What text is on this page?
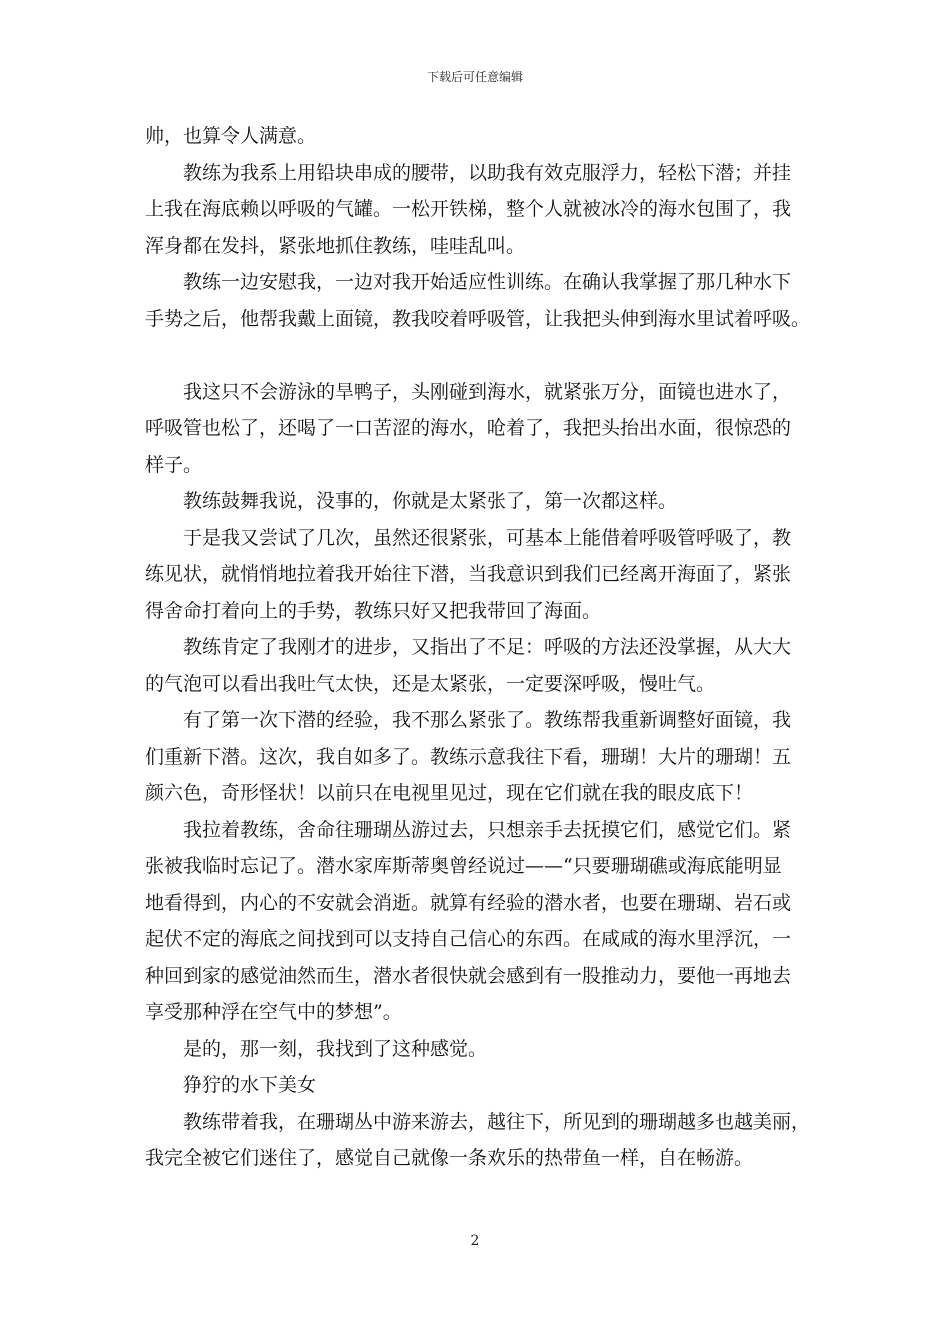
下载后可任意编辑

帅，也算令人满意。

教练为我系上用铅块串成的腰带，以助我有效克服浮力，轻松下潜；并挂

上我在海底赖以呼吸的气罐。一松开铁梯，整个人就被冰冷的海水包围了，我

浑身都在发抖，紧张地抓住教练，哇哇乱叫。

教练一边安慰我，一边对我开始适应性训练。在确认我掌握了那几种水下

手势之后，他帮我戴上面镜，教我咬着呼吸管，让我把头伸到海水里试着呼吸。

我这只不会游泳的旱鸭子，头刚碰到海水，就紧张万分，面镜也进水了，

呼吸管也松了，还喝了一口苦涩的海水，呛着了，我把头抬出水面，很惊恐的

样子。

教练鼓舞我说，没事的，你就是太紧张了，第一次都这样。

于是我又尝试了几次，虽然还很紧张，可基本上能借着呼吸管呼吸了，教

练见状，就悄悄地拉着我开始往下潜，当我意识到我们已经离开海面了，紧张

得舍命打着向上的手势，教练只好又把我带回了海面。

教练肯定了我刚才的进步，又指出了不足：呼吸的方法还没掌握，从大大

的气泡可以看出我吐气太快，还是太紧张，一定要深呼吸，慢吐气。

有了第一次下潜的经验，我不那么紧张了。教练帮我重新调整好面镜，我

们重新下潜。这次，我自如多了。教练示意我往下看，珊瑚！大片的珊瑚！五

颜六色，奇形怪状！以前只在电视里见过，现在它们就在我的眼皮底下！

我拉着教练，舍命往珊瑚丛游过去，只想亲手去抚摸它们，感觉它们。紧

张被我临时忘记了。潜水家库斯蒂奥曾经说过——“只要珊瑚礁或海底能明显

地看得到，内心的不安就会消逝。就算有经验的潜水者，也要在珊瑚、岩石或

起伏不定的海底之间找到可以支持自己信心的东西。在咸咸的海水里浮沉，一

种回到家的感觉油然而生，潜水者很快就会感到有一股推动力，要他一再地去

享受那种浮在空气中的梦想”。

是的，那一刻，我找到了这种感觉。

狰狞的水下美女

教练带着我，在珊瑚丛中游来游去，越往下，所见到的珊瑚越多也越美丽，

我完全被它们迷住了，感觉自己就像一条欢乐的热带鱼一样，自在畅游。

2
